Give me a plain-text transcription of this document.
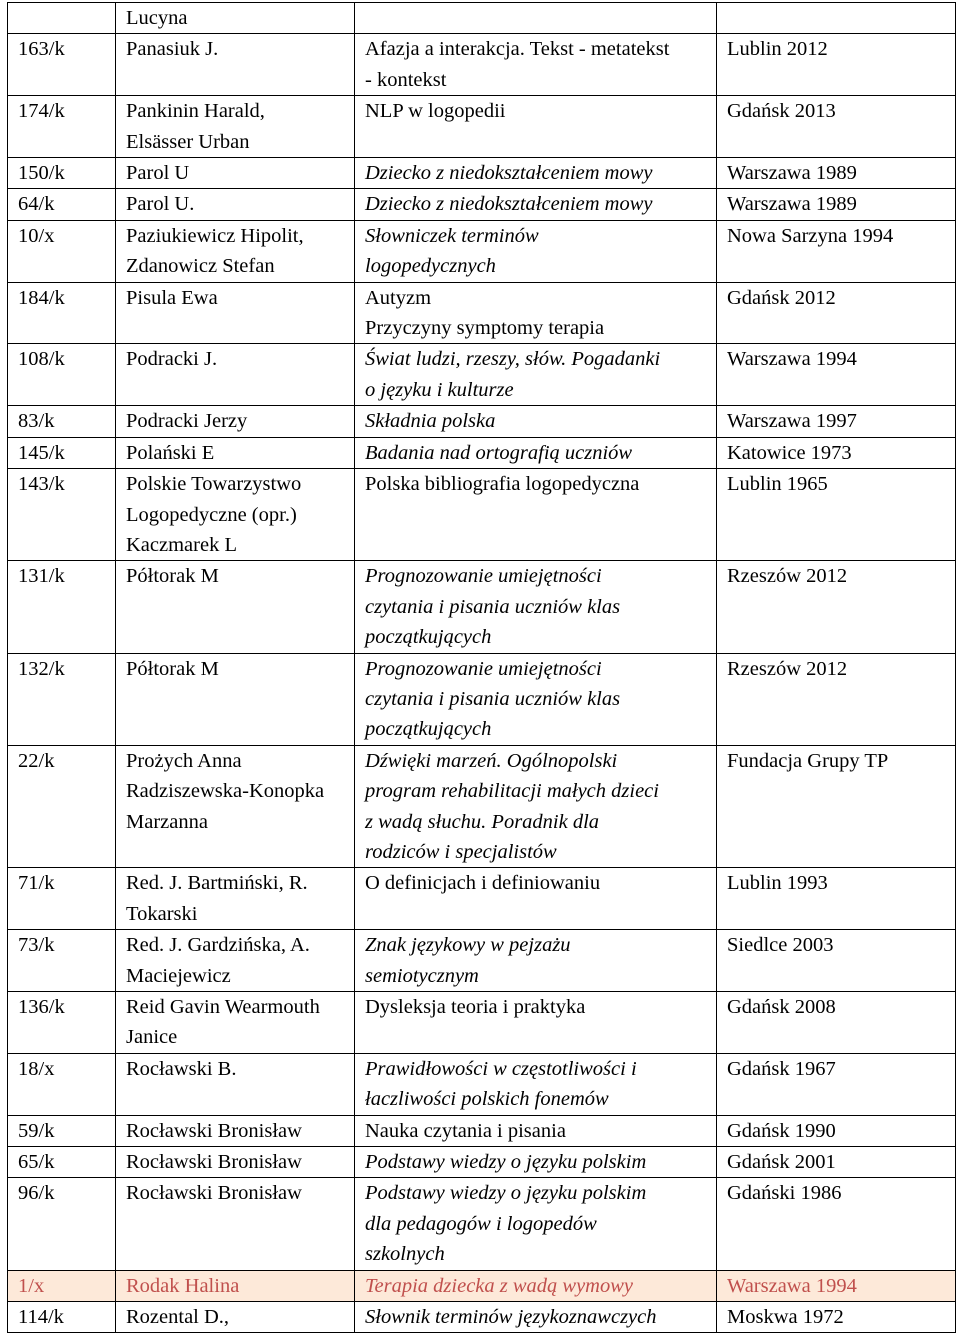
	Lucyna		

163/k	Panasiuk J.	Afazja a interakcja. Tekst - metatekst
- kontekst	Lublin 2012
174/k	Pankinin Harald,
Elsässer Urban	NLP w logopedii	Gdańsk 2013
150/k	Parol U	Dziecko z niedokształceniem mowy	Warszawa 1989
64/k	Parol U.	Dziecko z niedokształceniem mowy	Warszawa 1989
10/x	Paziukiewicz Hipolit,
Zdanowicz Stefan	Słowniczek terminów
logopedycznych	Nowa Sarzyna 1994
184/k	Pisula Ewa	Autyzm
Przyczyny symptomy terapia	Gdańsk 2012
108/k	Podracki J.	Świat ludzi, rzeszy, słów. Pogadanki
o języku i kulturze	Warszawa 1994
83/k	Podracki Jerzy	Składnia polska	Warszawa 1997
145/k	Polański E	Badania nad ortografią uczniów	Katowice 1973
143/k	Polskie Towarzystwo
Logopedyczne (opr.)
Kaczmarek L	Polska bibliografia logopedyczna	Lublin 1965
131/k	Półtorak M	Prognozowanie umiejętności
czytania i pisania uczniów klas
początkujących	Rzeszów 2012
132/k	Półtorak M	Prognozowanie umiejętności
czytania i pisania uczniów klas
początkujących	Rzeszów 2012
22/k	Prożych Anna
Radziszewska-Konopka
Marzanna	Dźwięki marzeń. Ogólnopolski
program rehabilitacji małych dzieci
z wadą słuchu. Poradnik dla
rodziców i specjalistów	Fundacja Grupy TP
71/k	Red. J. Bartmiński, R.
Tokarski	O definicjach i definiowaniu	Lublin 1993
73/k	Red. J. Gardzińska, A.
Maciejewicz	Znak językowy w pejzażu
semiotycznym	Siedlce 2003
136/k	Reid Gavin Wearmouth
Janice	Dysleksja teoria i praktyka	Gdańsk 2008
18/x	Rocławski B.	Prawidłowości w częstotliwości i
łaczliwości polskich fonemów	Gdańsk 1967
59/k	Rocławski Bronisław	Nauka czytania i pisania	Gdańsk 1990
65/k	Rocławski Bronisław	Podstawy wiedzy o języku polskim	Gdańsk 2001
96/k	Rocławski Bronisław	Podstawy wiedzy o języku polskim
dla pedagogów i logopedów
szkolnych	Gdański 1986
1/x	Rodak Halina	Terapia dziecka z wadą wymowy	Warszawa 1994
114/k	Rozental D.,	Słownik terminów językoznawczych	Moskwa 1972
